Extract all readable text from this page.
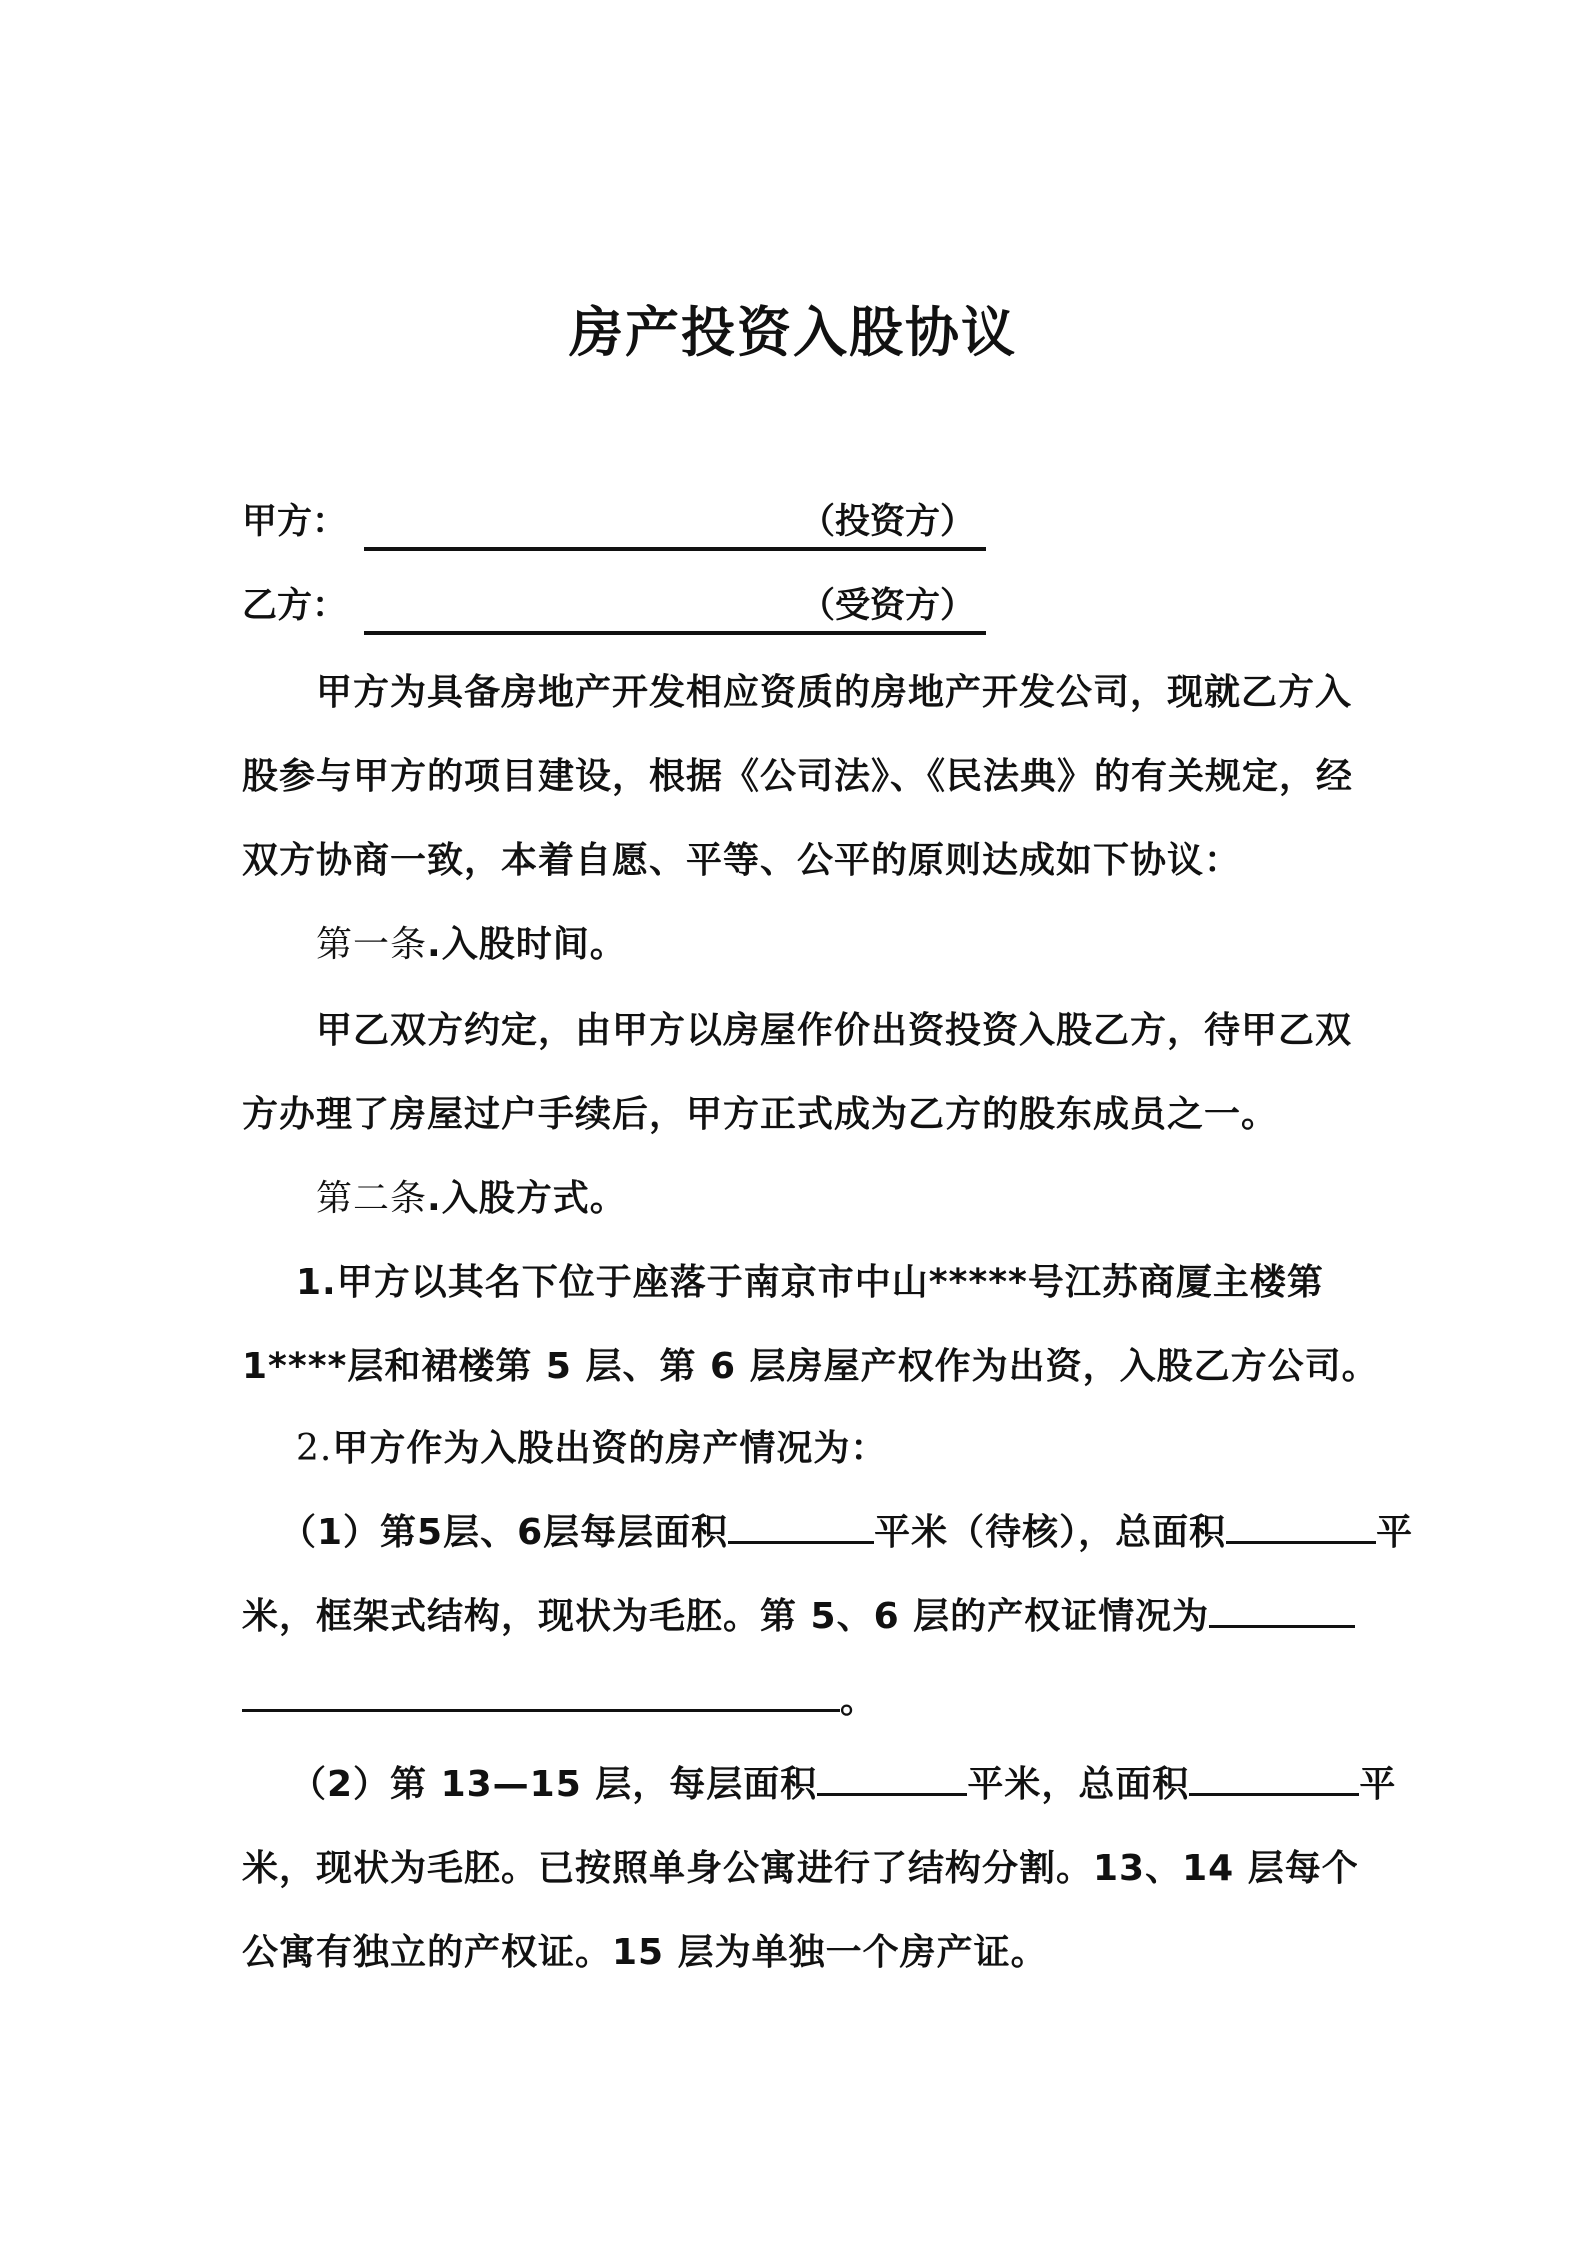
房产投资入股协议
甲方：	（投资方）
乙方：	（受资方）
甲方为具备房地产开发相应资质的房地产开发公司，现就乙方入
股参与甲方的项目建设，根据《公司法》、《民法典》的有关规定，经
双方协商一致，本着自愿、平等、公平的原则达成如下协议：
第一条.入股时间。
甲乙双方约定，由甲方以房屋作价出资投资入股乙方，待甲乙双
方办理了房屋过户手续后，甲方正式成为乙方的股东成员之一。
第二条.入股方式。
1.甲方以其名下位于座落于南京市中山*****号江苏商厦主楼第
1****层和裙楼第 5 层、第 6 层房屋产权作为出资，入股乙方公司。
2.甲方作为入股出资的房产情况为：
（1）第5层、6层每层面积	平米（待核），总面积	平
米，框架式结构，现状为毛胚。第 5、6 层的产权证情况为
。
（2）第 13—15 层，每层面积	平米，总面积	平
米，现状为毛胚。已按照单身公寓进行了结构分割。13、14 层每个
公寓有独立的产权证。15 层为单独一个房产证。
